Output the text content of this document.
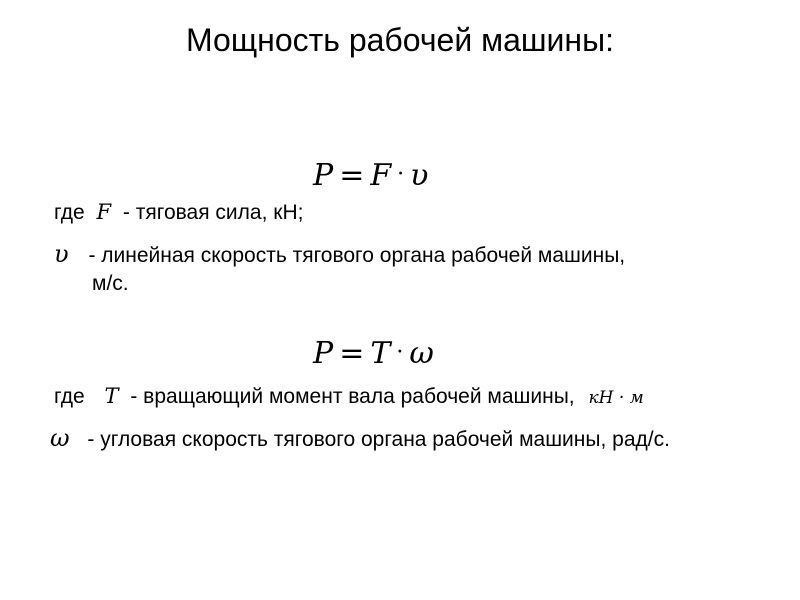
Мощность рабочей машины:
P = F · υ
где F - тяговая сила, кН;
υ - линейная скорость тягового органа рабочей машины,
м/с.
P = T · ω
где T - вращающий момент вала рабочей машины, кН · м
ω - угловая скорость тягового органа рабочей машины, рад/с.
